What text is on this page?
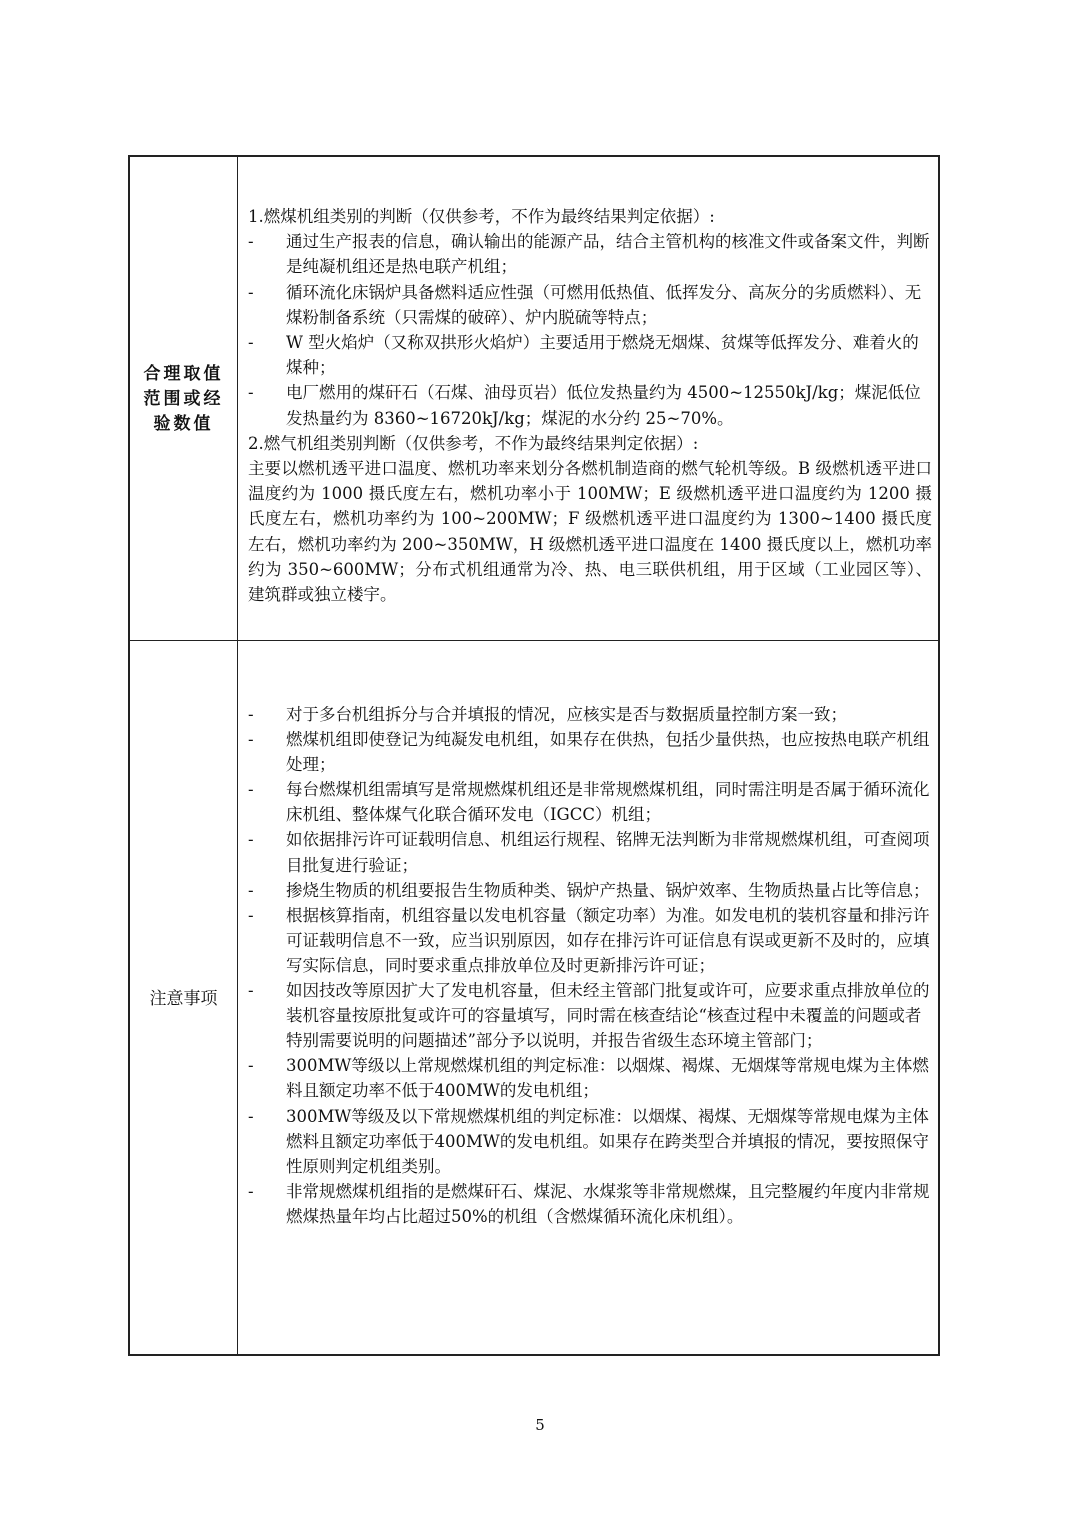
合理取值范围或经验数值

1.燃煤机组类别的判断（仅供参考，不作为最终结果判定依据）:

- 通过生产报表的信息，确认输出的能源产品，结合主管机构的核准文件或备案文件，判断是纯凝机组还是热电联产机组；
- 循环流化床锅炉具备燃料适应性强（可燃用低热值、低挥发分、高灰分的劣质燃料）、无煤粉制备系统（只需煤的破碎）、炉内脱硫等特点；
- W 型火焰炉（又称双拱形火焰炉）主要适用于燃烧无烟煤、贫煤等低挥发分、难着火的煤种；
- 电厂燃用的煤矸石（石煤、油母页岩）低位发热量约为 4500~12550kJ/kg；煤泥低位发热量约为 8360~16720kJ/kg；煤泥的水分约 25~70%。

2.燃气机组类别判断（仅供参考，不作为最终结果判定依据）:

主要以燃机透平进口温度、燃机功率来划分各燃机制造商的燃气轮机等级。B 级燃机透平进口温度约为 1000 摄氏度左右，燃机功率小于 100MW；E 级燃机透平进口温度约为 1200 摄氏度左右，燃机功率约为 100~200MW；F 级燃机透平进口温度约为 1300~1400 摄氏度左右，燃机功率约为 200~350MW，H 级燃机透平进口温度在 1400 摄氏度以上，燃机功率约为 350~600MW；分布式机组通常为冷、热、电三联供机组，用于区域（工业园区等）、建筑群或独立楼宇。

注意事项
- 对于多台机组拆分与合并填报的情况，应核实是否与数据质量控制方案一致；
- 燃煤机组即使登记为纯凝发电机组，如果存在供热，包括少量供热，也应按热电联产机组处理；
- 每台燃煤机组需填写是常规燃煤机组还是非常规燃煤机组，同时需注明是否属于循环流化床机组、整体煤气化联合循环发电（IGCC）机组；
- 如依据排污许可证载明信息、机组运行规程、铭牌无法判断为非常规燃煤机组，可查阅项目批复进行验证；
- 掺烧生物质的机组要报告生物质种类、锅炉产热量、锅炉效率、生物质热量占比等信息；
- 根据核算指南，机组容量以发电机容量（额定功率）为准。如发电机的装机容量和排污许可证载明信息不一致，应当识别原因，如存在排污许可证信息有误或更新不及时的，应填写实际信息，同时要求重点排放单位及时更新排污许可证；
- 如因技改等原因扩大了发电机容量，但未经主管部门批复或许可，应要求重点排放单位的装机容量按原批复或许可的容量填写，同时需在核查结论“核查过程中未覆盖的问题或者特别需要说明的问题描述”部分予以说明，并报告省级生态环境主管部门；
- 300MW等级以上常规燃煤机组的判定标准：以烟煤、褐煤、无烟煤等常规电煤为主体燃料且额定功率不低于400MW的发电机组；
- 300MW等级及以下常规燃煤机组的判定标准：以烟煤、褐煤、无烟煤等常规电煤为主体燃料且额定功率低于400MW的发电机组。如果存在跨类型合并填报的情况，要按照保守性原则判定机组类别。
- 非常规燃煤机组指的是燃煤矸石、煤泥、水煤浆等非常规燃煤，且完整履约年度内非常规燃煤热量年均占比超过50%的机组（含燃煤循环流化床机组）。
5
